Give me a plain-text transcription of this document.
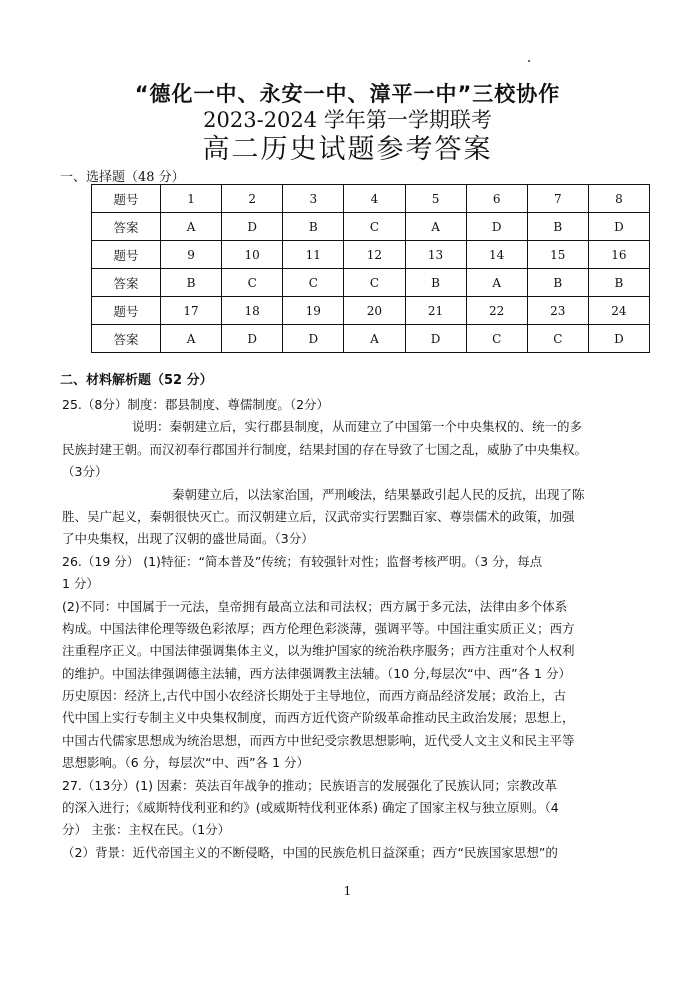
“德化一中、永安一中、漳平一中”三校协作
2023-2024 学年第一学期联考
高二历史试题参考答案
一、选择题（48 分）
题号	1	2	3	4	5	6	7	8
答案	A	D	B	C	A	D	B	D
题号	9	10	11	12	13	14	15	16
答案	B	C	C	C	B	A	B	B
题号	17	18	19	20	21	22	23	24
答案	A	D	D	A	D	C	C	D
二、材料解析题（52 分）
25.（8分）制度：郡县制度、尊儒制度。（2分）
说明：秦朝建立后，实行郡县制度，从而建立了中国第一个中央集权的、统一的多
民族封建王朝。而汉初奉行郡国并行制度，结果封国的存在导致了七国之乱，威胁了中央集权。
（3分）
秦朝建立后，以法家治国，严刑峻法，结果暴政引起人民的反抗，出现了陈
胜、吴广起义，秦朝很快灭亡。而汉朝建立后，汉武帝实行罢黜百家、尊崇儒术的政策，加强
了中央集权，出现了汉朝的盛世局面。（3分）
26.（19 分） (1)特征：“简本普及”传统；有较强针对性；监督考核严明。（3 分，每点
1 分）
(2)不同：中国属于一元法，皇帝拥有最高立法和司法权；西方属于多元法，法律由多个体系
构成。中国法律伦理等级色彩浓厚；西方伦理色彩淡薄，强调平等。中国注重实质正义；西方
注重程序正义。中国法律强调集体主义，以为维护国家的统治秩序服务；西方注重对个人权利
的维护。中国法律强调德主法辅，西方法律强调教主法辅。（10 分,每层次“中、西”各 1 分）
历史原因：经济上,古代中国小农经济长期处于主导地位，而西方商品经济发展；政治上，古
代中国上实行专制主义中央集权制度，而西方近代资产阶级革命推动民主政治发展；思想上，
中国古代儒家思想成为统治思想，而西方中世纪受宗教思想影响，近代受人文主义和民主平等
思想影响。（6 分，每层次“中、西”各 1 分）
27.（13分）(1) 因素：英法百年战争的推动；民族语言的发展强化了民族认同；宗教改革
的深入进行；《威斯特伐利亚和约》(或威斯特伐利亚体系) 确定了国家主权与独立原则。（4
分） 主张：主权在民。（1分）
（2）背景：近代帝国主义的不断侵略，中国的民族危机日益深重；西方“民族国家思想”的
1
